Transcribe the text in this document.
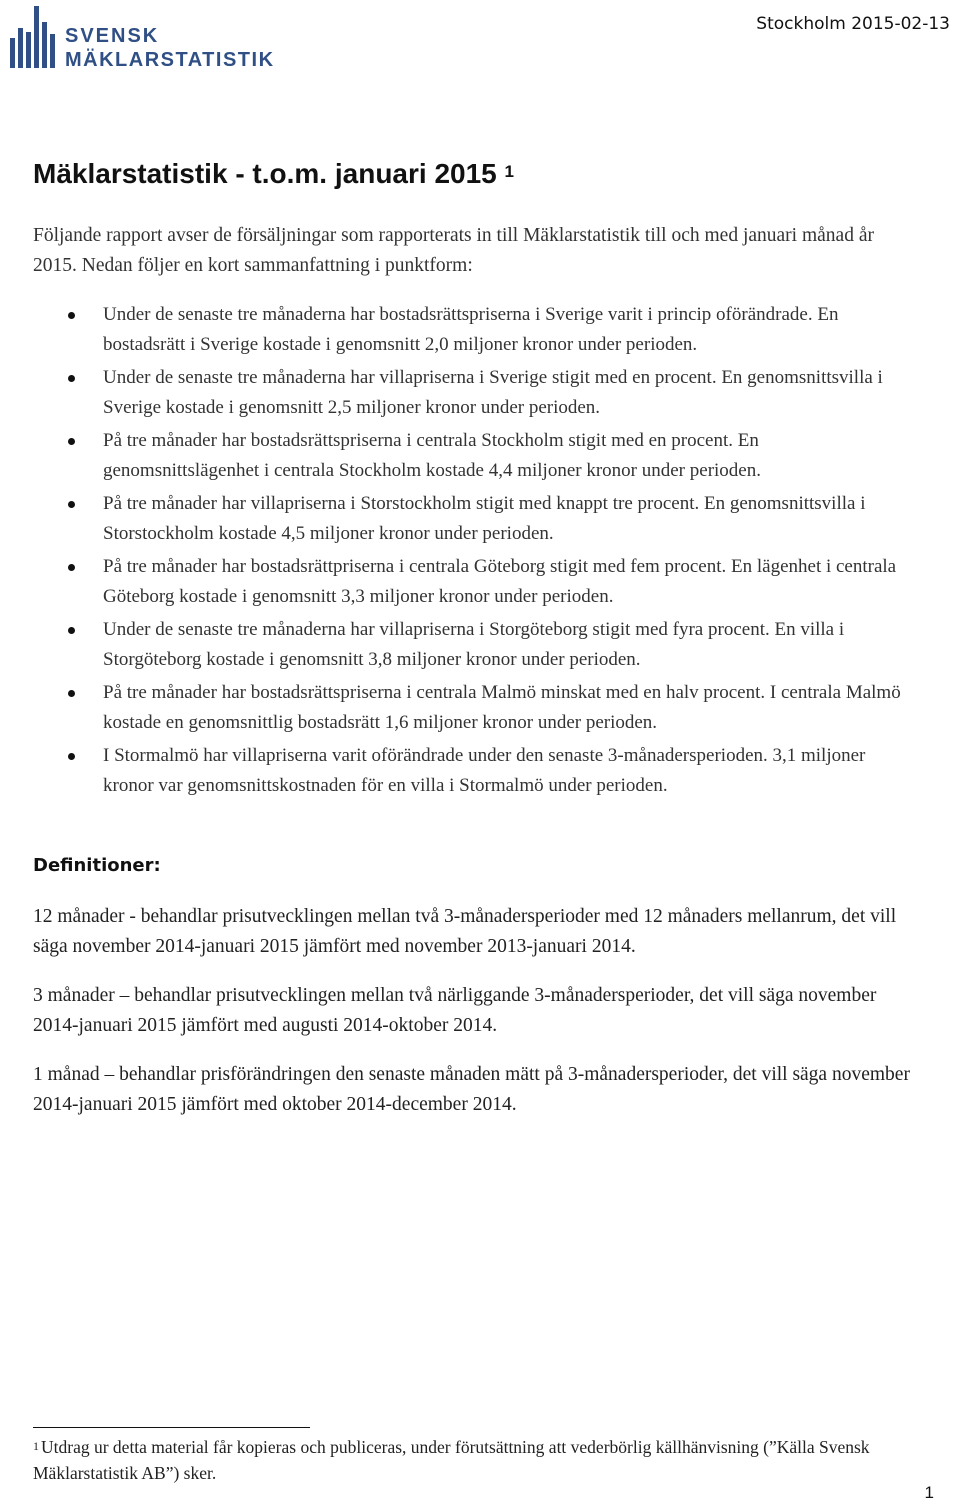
SVENSK
MÄKLARSTATISTIK
Stockholm 2015-02-13
Mäklarstatistik - t.o.m. januari 2015 $^1$

Följande rapport avser de försäljningar som rapporterats in till Mäklarstatistik till och med januari månad år 2015. Nedan följer en kort sammanfattning i punktform:

Under de senaste tre månaderna har bostadsrättspriserna i Sverige varit i princip oförändrade. En bostadsrätt i Sverige kostade i genomsnitt 2,0 miljoner kronor under perioden.
Under de senaste tre månaderna har villapriserna i Sverige stigit med en procent. En genomsnittsvilla i Sverige kostade i genomsnitt 2,5 miljoner kronor under perioden.
På tre månader har bostadsrättspriserna i centrala Stockholm stigit med en procent. En genomsnittslägenhet i centrala Stockholm kostade 4,4 miljoner kronor under perioden.
På tre månader har villapriserna i Storstockholm stigit med knappt tre procent. En genomsnittsvilla i Storstockholm kostade 4,5 miljoner kronor under perioden.
På tre månader har bostadsrättpriserna i centrala Göteborg stigit med fem procent. En lägenhet i centrala Göteborg kostade i genomsnitt 3,3 miljoner kronor under perioden.
Under de senaste tre månaderna har villapriserna i Storgöteborg stigit med fyra procent. En villa i Storgöteborg kostade i genomsnitt 3,8 miljoner kronor under perioden.
På tre månader har bostadsrättspriserna i centrala Malmö minskat med en halv procent. I centrala Malmö kostade en genomsnittlig bostadsrätt 1,6 miljoner kronor under perioden.
I Stormalmö har villapriserna varit oförändrade under den senaste 3-månadersperioden. 3,1 miljoner kronor var genomsnittskostnaden för en villa i Stormalmö under perioden.
Definitioner:

12 månader - behandlar prisutvecklingen mellan två 3-månadersperioder med 12 månaders mellanrum, det vill säga november 2014-januari 2015 jämfört med november 2013-januari 2014.

3 månader – behandlar prisutvecklingen mellan två närliggande 3-månadersperioder, det vill säga november 2014-januari 2015 jämfört med augusti 2014-oktober 2014.

1 månad – behandlar prisförändringen den senaste månaden mätt på 3-månadersperioder, det vill säga november 2014-januari 2015 jämfört med oktober 2014-december 2014.

$^1$ Utdrag ur detta material får kopieras och publiceras, under förutsättning att vederbörlig källhänvisning (”Källa Svensk Mäklarstatistik AB”) sker.

1
